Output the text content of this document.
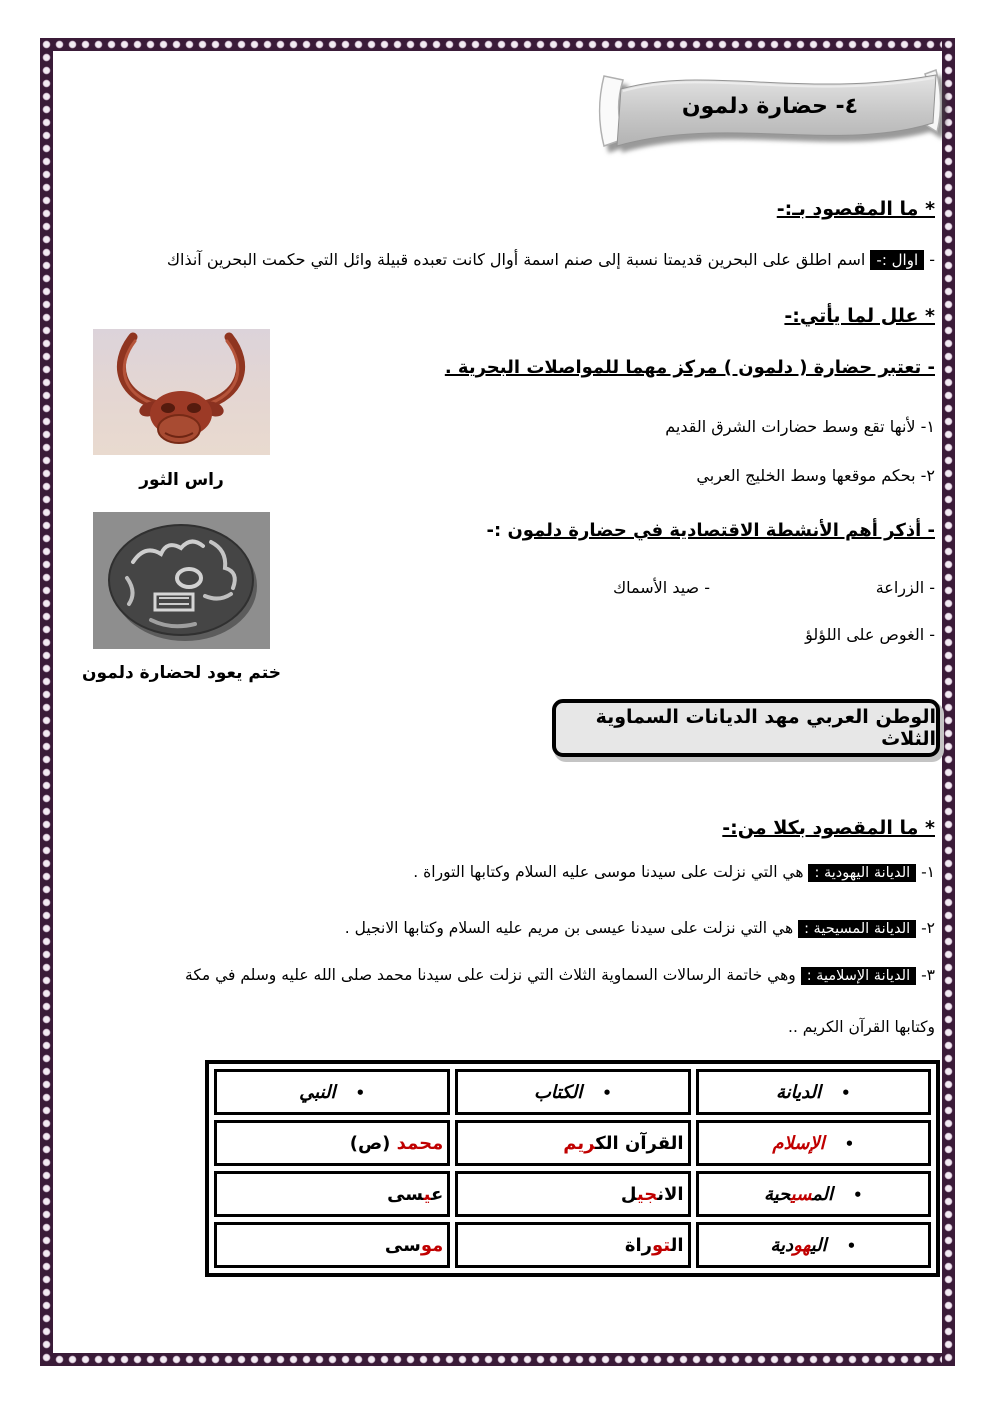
٤- حضارة دلمون
* ما المقصود بـ:-
- اوال :- اسم اطلق على البحرين قديمتا نسبة إلى صنم اسمة أوال كانت تعبده قبيلة وائل التي حكمت البحرين آنذاك
* علل لما يأتي:-
- تعتبر حضارة ( دلمون ) مركز مهما للمواصلات البحرية .
١- لأنها تقع وسط حضارات الشرق القديم
٢- بحكم موقعها وسط الخليج العربي
راس الثور
- أذكر أهم الأنشطة الاقتصادية في حضارة دلمون :-
- الزراعة
- صيد الأسماك
- الغوص على اللؤلؤ
ختم يعود لحضارة دلمون
الوطن العربي مهد الديانات السماوية الثلاث
* ما المقصود بكلا من:-
١- الديانة اليهودية : هي التي نزلت على سيدنا موسى عليه السلام وكتابها التوراة .
٢- الديانة المسيحية : هي التي نزلت على سيدنا عيسى بن مريم عليه السلام وكتابها الانجيل .
٣- الديانة الإسلامية : وهي خاتمة الرسالات السماوية الثلاث التي نزلت على سيدنا محمد صلى الله عليه وسلم في مكة
وكتابها القرآن الكريم ..
•الديانة	•الكتاب	•النبي
•الإسلام	القرآن الكريم	محمد (ص)
•المسيحية	الانجيل	عيسى
•اليهودية	التوراة	موسى
